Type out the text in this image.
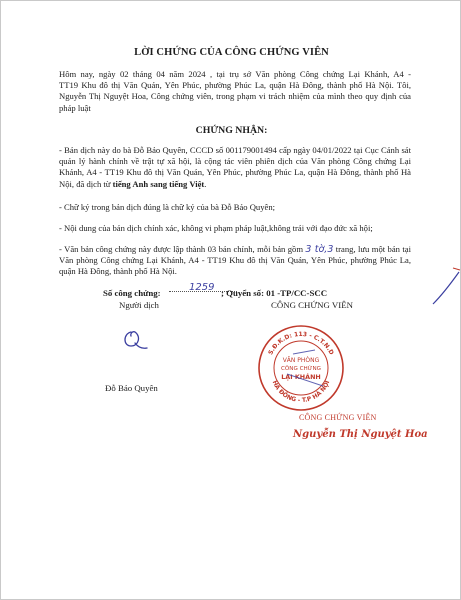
LỜI CHỨNG CỦA CÔNG CHỨNG VIÊN
Hôm nay, ngày 02 tháng 04 năm 2024 , tại trụ sở Văn phòng Công chứng Lại Khánh, A4 -
TT19 Khu đô thị Văn Quán, Yên Phúc, phường Phúc La, quận Hà Đông, thành phố Hà Nội. Tôi, Nguyễn Thị Nguyệt Hoa, Công chứng viên, trong phạm vi trách nhiệm của mình theo quy định của pháp luật
CHỨNG NHẬN:
- Bản dịch này do bà Đỗ Bảo Quyên, CCCD số 001179001494 cấp ngày 04/01/2022 tại Cục Cảnh sát quản lý hành chính về trật tự xã hội, là cộng tác viên phiên dịch của Văn phòng Công chứng Lại Khánh, A4 - TT19 Khu đô thị Văn Quán, Yên Phúc, phường Phúc La, quận Hà Đông, thành phố Hà Nội, đã dịch từ tiếng Anh sang tiếng Việt.
- Chữ ký trong bản dịch đúng là chữ ký của bà Đỗ Bảo Quyên;
- Nội dung của bản dịch chính xác, không vi phạm pháp luật,không trái với đạo đức xã hội;
- Văn bản công chứng này được lập thành 03 bản chính, mỗi bản gồm 3 tờ,3 trang, lưu một bản tại Văn phòng Công chứng Lại Khánh, A4 - TT19 Khu đô thị Văn Quán, Yên Phúc, phường Phúc La, quận Hà Đông, thành phố Hà Nội.
Số công chứng:	1259 ; Quyển số: 01 -TP/CC-SCC
Người dịch	CÔNG CHỨNG VIÊN
Đỗ Bảo Quyên
S.Đ.K.D: 113 - C.T.N.D
HÀ ĐÔNG - T.P HÀ NỘI
VĂN PHÒNG
CÔNG CHỨNG
LẠI KHÁNH
CÔNG CHỨNG VIÊN
Nguyễn Thị Nguyệt Hoa
